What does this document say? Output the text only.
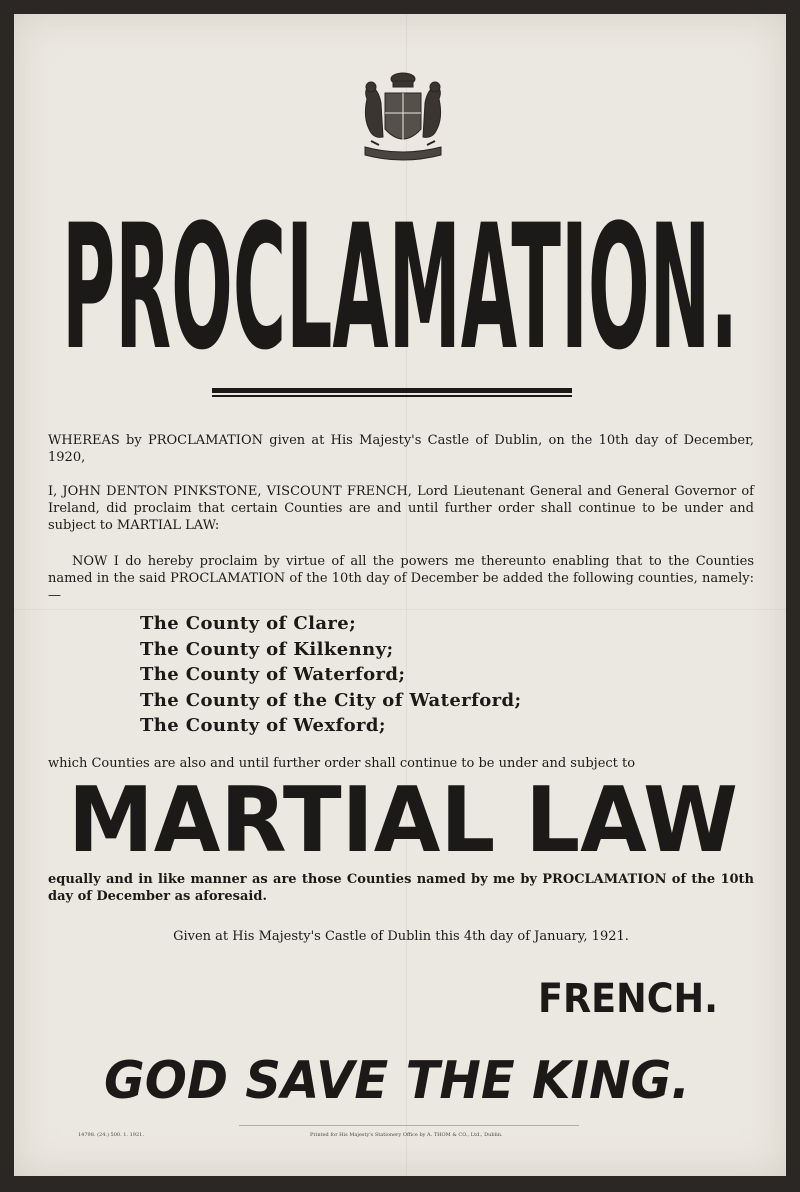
PROCLAMATION.

WHEREAS by PROCLAMATION given at His Majesty's Castle of Dublin, on the 10th day of December, 1920,

I, JOHN DENTON PINKSTONE, VISCOUNT FRENCH, Lord Lieutenant General and General Governor of Ireland, did proclaim that certain Counties are and until further order shall continue to be under and subject to MARTIAL LAW:

NOW I do hereby proclaim by virtue of all the powers me thereunto enabling that to the Counties named in the said PROCLAMATION of the 10th day of December be added the following counties, namely:—

The County of Clare;
The County of Kilkenny;
The County of Waterford;
The County of the City of Waterford;
The County of Wexford;

which Counties are also and until further order shall continue to be under and subject to

MARTIAL LAW

equally and in like manner as are those Counties named by me by PROCLAMATION of the 10th day of December as aforesaid.

Given at His Majesty's Castle of Dublin this 4th day of January, 1921.

FRENCH.
GOD SAVE THE KING.
14798. (24.) 500. 1. 1921.	Printed for His Majesty's Stationery Office by A. THOM & CO., Ltd., Dublin.
